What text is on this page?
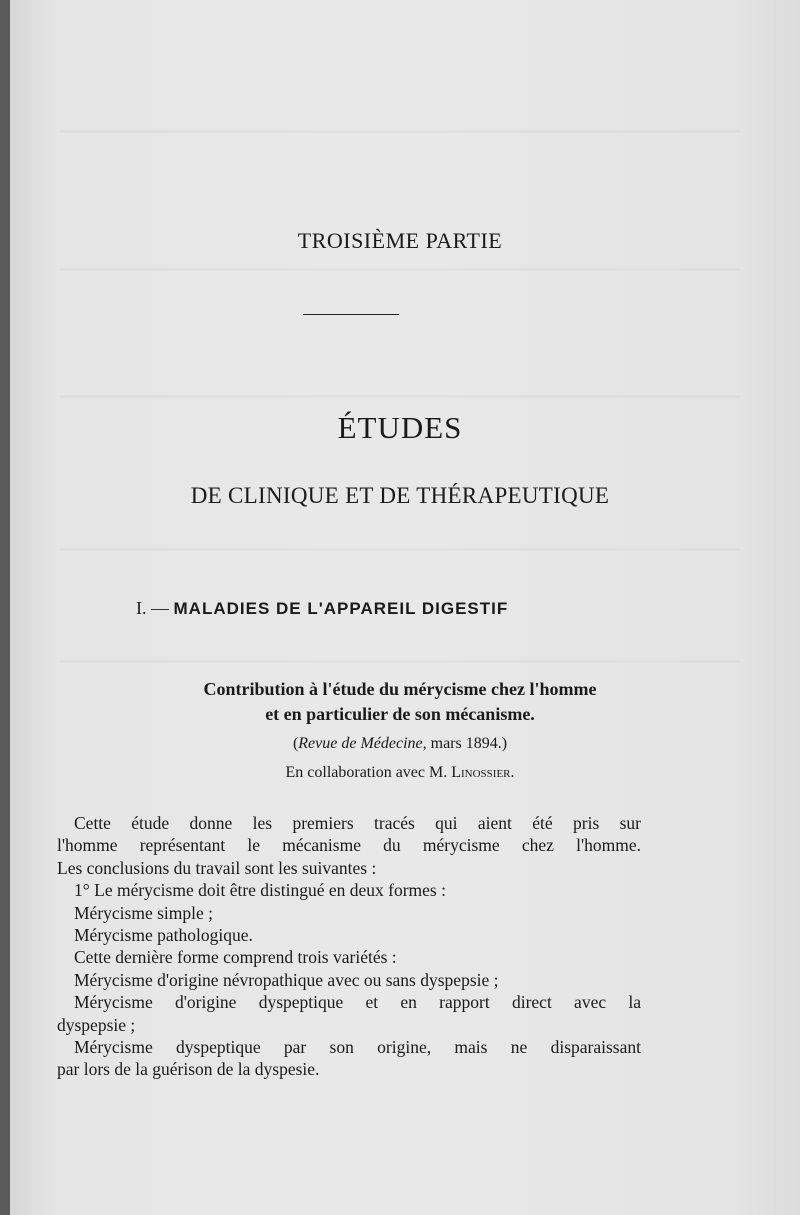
TROISIÈME PARTIE
ÉTUDES
DE CLINIQUE ET DE THÉRAPEUTIQUE
I. — MALADIES DE L'APPAREIL DIGESTIF
Contribution à l'étude du mérycisme chez l'homme
et en particulier de son mécanisme.
(Revue de Médecine, mars 1894.)
En collaboration avec M. Linossier.

Cette étude donne les premiers tracés qui aient été pris sur

l'homme représentant le mécanisme du mérycisme chez l'homme.

Les conclusions du travail sont les suivantes :

1° Le mérycisme doit être distingué en deux formes :

Mérycisme simple ;

Mérycisme pathologique.

Cette dernière forme comprend trois variétés :

Mérycisme d'origine névropathique avec ou sans dyspepsie ;

Mérycisme d'origine dyspeptique et en rapport direct avec la

dyspepsie ;

Mérycisme dyspeptique par son origine, mais ne disparaissant

par lors de la guérison de la dyspesie.
